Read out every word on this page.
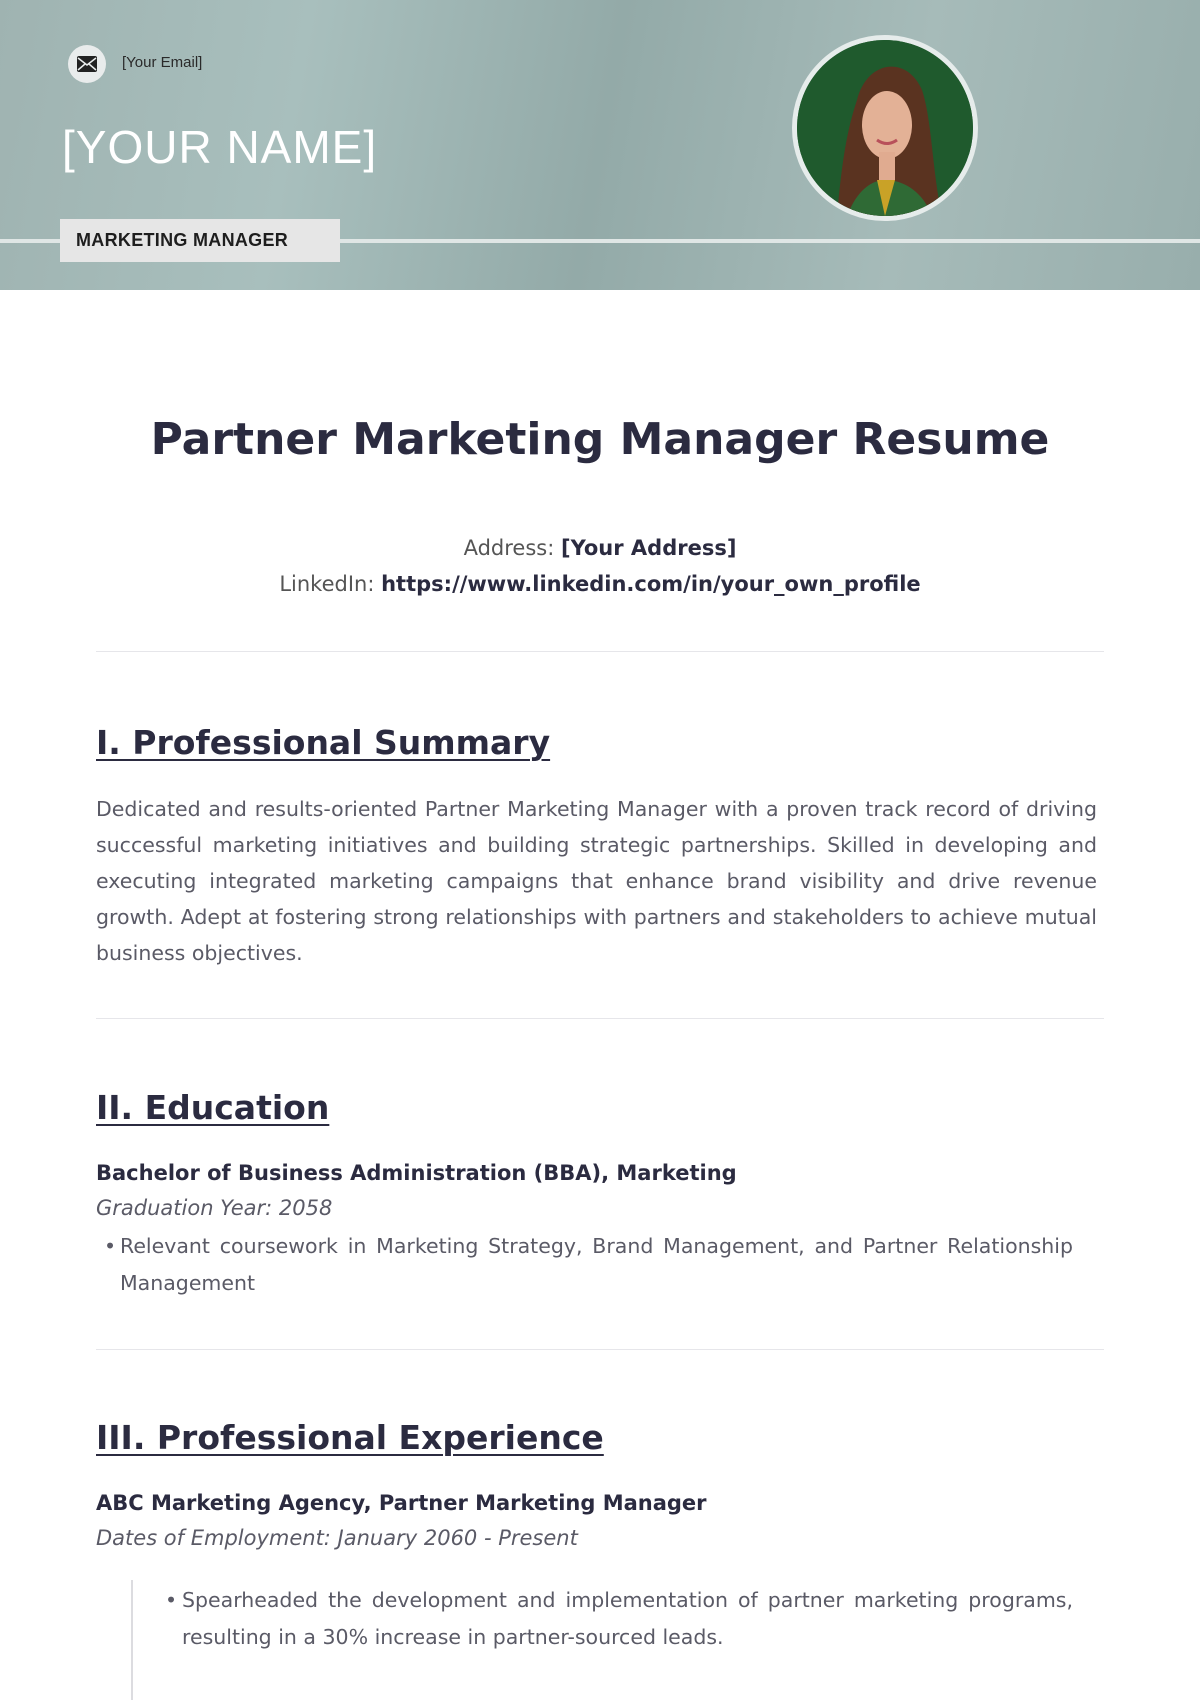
[Your Email]
[YOUR NAME]
MARKETING MANAGER
Partner Marketing Manager Resume
Address: [Your Address]
LinkedIn: https://www.linkedin.com/in/your_own_profile
I. Professional Summary
Dedicated and results-oriented Partner Marketing Manager with a proven track record of driving successful marketing initiatives and building strategic partnerships. Skilled in developing and executing integrated marketing campaigns that enhance brand visibility and drive revenue growth. Adept at fostering strong relationships with partners and stakeholders to achieve mutual business objectives.
II. Education
Bachelor of Business Administration (BBA), Marketing
Graduation Year: 2058
• Relevant coursework in Marketing Strategy, Brand Management, and Partner Relationship Management
III. Professional Experience
ABC Marketing Agency, Partner Marketing Manager
Dates of Employment: January 2060 - Present
• Spearheaded the development and implementation of partner marketing programs, resulting in a 30% increase in partner-sourced leads.
